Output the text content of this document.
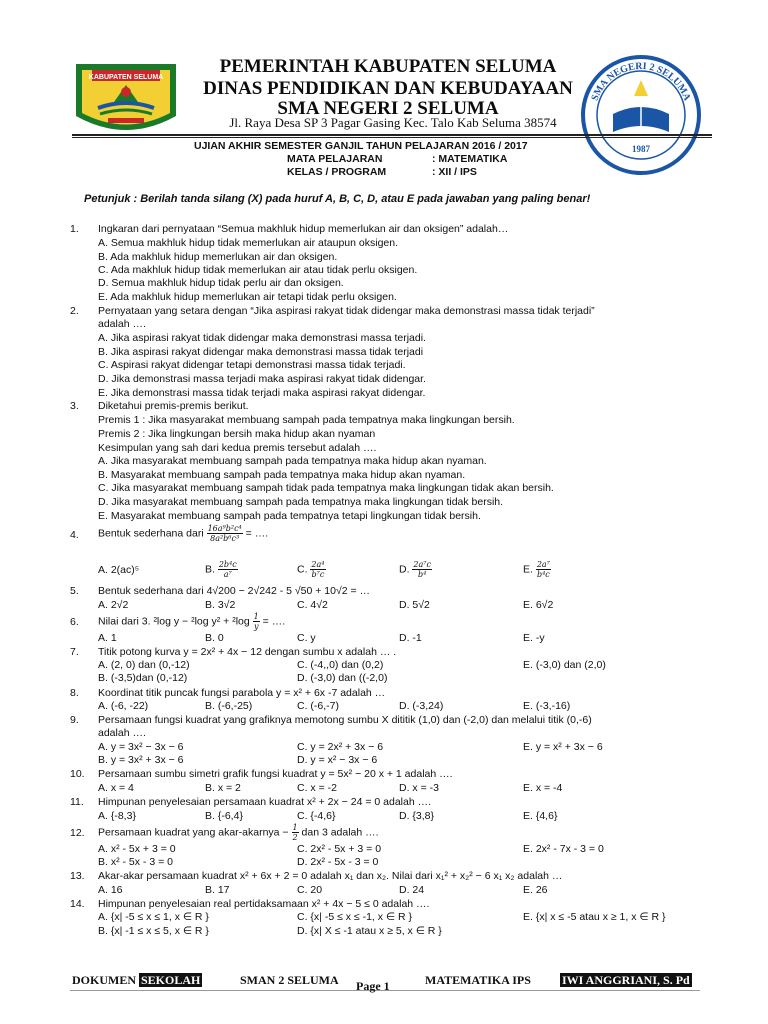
KABUPATEN SELUMA
PEMERINTAH KABUPATEN SELUMA
DINAS PENDIDIKAN DAN KEBUDAYAAN
SMA NEGERI 2 SELUMA
Jl. Raya Desa SP 3 Pagar Gasing Kec. Talo Kab Seluma 38574
SMA NEGERI 2 SELUMA
1987
UJIAN AKHIR SEMESTER GANJIL TAHUN PELAJARAN 2016 / 2017
MATA PELAJARAN	: MATEMATIKA
KELAS / PROGRAM	: XII / IPS
Petunjuk : Berilah tanda silang (X) pada huruf A, B, C, D, atau E pada jawaban yang paling benar!
1. Ingkaran dari pernyataan “Semua makhluk hidup memerlukan air dan oksigen” adalah…
A. Semua makhluk hidup tidak memerlukan air ataupun oksigen.
B. Ada makhluk hidup memerlukan air dan oksigen.
C. Ada makhluk hidup tidak memerlukan air atau tidak perlu oksigen.
D. Semua makhluk hidup tidak perlu air dan oksigen.
E. Ada makhluk hidup memerlukan air tetapi tidak perlu oksigen.
2. Pernyataan yang setara dengan “Jika aspirasi rakyat tidak didengar maka demonstrasi massa tidak terjadi”
adalah ….
A. Jika aspirasi rakyat tidak didengar maka demonstrasi massa terjadi.
B. Jika aspirasi rakyat didengar maka demonstrasi massa tidak terjadi
C. Aspirasi rakyat didengar tetapi demonstrasi massa tidak terjadi.
D. Jika demonstrasi massa terjadi maka aspirasi rakyat tidak didengar.
E. Jika demonstrasi massa tidak terjadi maka aspirasi rakyat didengar.
3. Diketahui premis-premis berikut.
Premis 1 : Jika masyarakat membuang sampah pada tempatnya maka lingkungan bersih.
Premis 2 : Jika lingkungan bersih maka hidup akan nyaman
Kesimpulan yang sah dari kedua premis tersebut adalah ….
A. Jika masyarakat membuang sampah pada tempatnya maka hidup akan nyaman.
B. Masyarakat membuang sampah pada tempatnya maka hidup akan nyaman.
C. Jika masyarakat membuang sampah tidak pada tempatnya maka lingkungan tidak akan bersih.
D. Jika masyarakat membuang sampah pada tempatnya maka lingkungan tidak bersih.
E. Masyarakat membuang sampah pada tempatnya tetapi lingkungan tidak bersih.
4. Bentuk sederhana dari $\frac{\text{16a⁹b²c⁴}}{\text{8a²b⁶c³}}$ = ….
A. 2(ac)⁵	B. $\frac{\text{2b⁴c}}{\text{a⁷}}$	C. $\frac{\text{2a⁴}}{\text{b⁷c}}$	D. $\frac{\text{2a⁷c}}{\text{b⁴}}$	E. $\frac{\text{2a⁷}}{\text{b⁴c}}$
5. Bentuk sederhana dari 4√200 − 2√242 - 5 √50 + 10√2 = …
A. 2√2	B. 3√2	C. 4√2	D. 5√2	E. 6√2
6. Nilai dari 3. ²log y − ²log $y^2 + ^2\log \frac{1}{y}$ = ….
A. 1	B. 0	C. y	D. -1	E. -y
7. Titik potong kurva y = 2x² + 4x − 12 dengan sumbu x adalah … .
A. (2, 0) dan (0,-12)	C. (-4,,0) dan (0,2)	E. (-3,0) dan (2,0)
B. (-3,5)dan (0,-12)	D. (-3,0) dan ((-2,0)
8. Koordinat titik puncak fungsi parabola y = x² + 6x -7 adalah …
A. (-6, -22)	B. (-6,-25)	C. (-6,-7)	D. (-3,24)	E. (-3,-16)
9. Persamaan fungsi kuadrat yang grafiknya memotong sumbu X dititik (1,0) dan (-2,0) dan melalui titik (0,-6)
adalah ….
A. y = 3x² − 3x − 6	C. y = 2x² + 3x − 6	E. y = x² + 3x − 6
B. y = 3x² + 3x − 6	D. y = x² − 3x − 6
10. Persamaan sumbu simetri grafik fungsi kuadrat y = 5x² − 20 x + 1 adalah ….
A. x = 4	B. x = 2	C. x = -2	D. x = -3	E. x = -4
11. Himpunan penyelesaian persamaan kuadrat x² + 2x − 24 = 0 adalah ….
A. {-8,3}	B. {-6,4}	C. {-4,6}	D. {3,8}	E. {4,6}
12. Persamaan kuadrat yang akar-akarnya − $\frac{1}{2}$ dan 3 adalah ….
A. x² - 5x + 3 = 0	C. 2x² - 5x + 3 = 0	E. 2x² - 7x - 3 = 0
B. x² - 5x - 3 = 0	D. 2x² - 5x - 3 = 0
13. Akar-akar persamaan kuadrat x² + 6x + 2 = 0 adalah x₁ dan x₂. Nilai dari x₁² + x₂² − 6 x₁ x₂ adalah …
A. 16	B. 17	C. 20	D. 24	E. 26
14. Himpunan penyelesaian real pertidaksamaan x² + 4x − 5 ≤ 0 adalah ….
A. {x| -5 ≤ x ≤ 1, x ∈ R }	C. {x| -5 ≤ x ≤ -1, x ∈ R }	E. {x| x ≤ -5 atau x ≥ 1, x ∈ R }
B. {x| -1 ≤ x ≤ 5, x ∈ R }	D. {x| X ≤ -1 atau x ≥ 5, x ∈ R }
DOKUMEN SEKOLAH	SMAN 2 SELUMA	MATEMATIKA IPS	IWI ANGGRIANI, S. Pd
Page 1
